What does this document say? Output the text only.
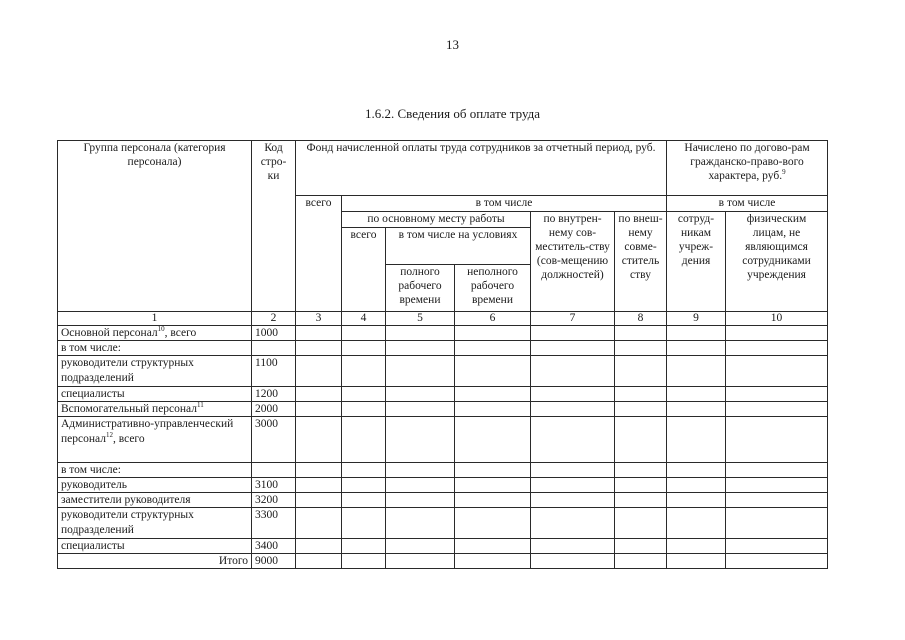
13
1.6.2. Сведения об оплате труда
Группа персонала (категория персонала)	Код стро-ки	Фонд начисленной оплаты труда сотрудников за отчетный период, руб.						Начислено по догово-рам гражданско-право-вого характера, руб.$^9$
		всего	в том числе					в том числе	
			по основному месту работы			по внутрен-нему сов-меститель-ству (сов-мещению должностей)	по внеш-нему совме-ститель ству	сотруд-никам учреж-дения	физическим лицам, не являющимся сотрудниками учреждения
			всего	в том числе на условиях					
				полного рабочего времени	неполного рабочего времени				
1	2	3	4	5	6	7	8	9	10
Основной персонал$^{10}$, всего	1000								
в том числе:									
руководители структурных подразделений	1100								
специалисты	1200								
Вспомогательный персонал$^{11}$	2000								
Административно-управленческий персонал$^{12}$, всего	3000								
в том числе:									
руководитель	3100								
заместители руководителя	3200								
руководители структурных подразделений	3300								
специалисты	3400								
Итого	9000								
